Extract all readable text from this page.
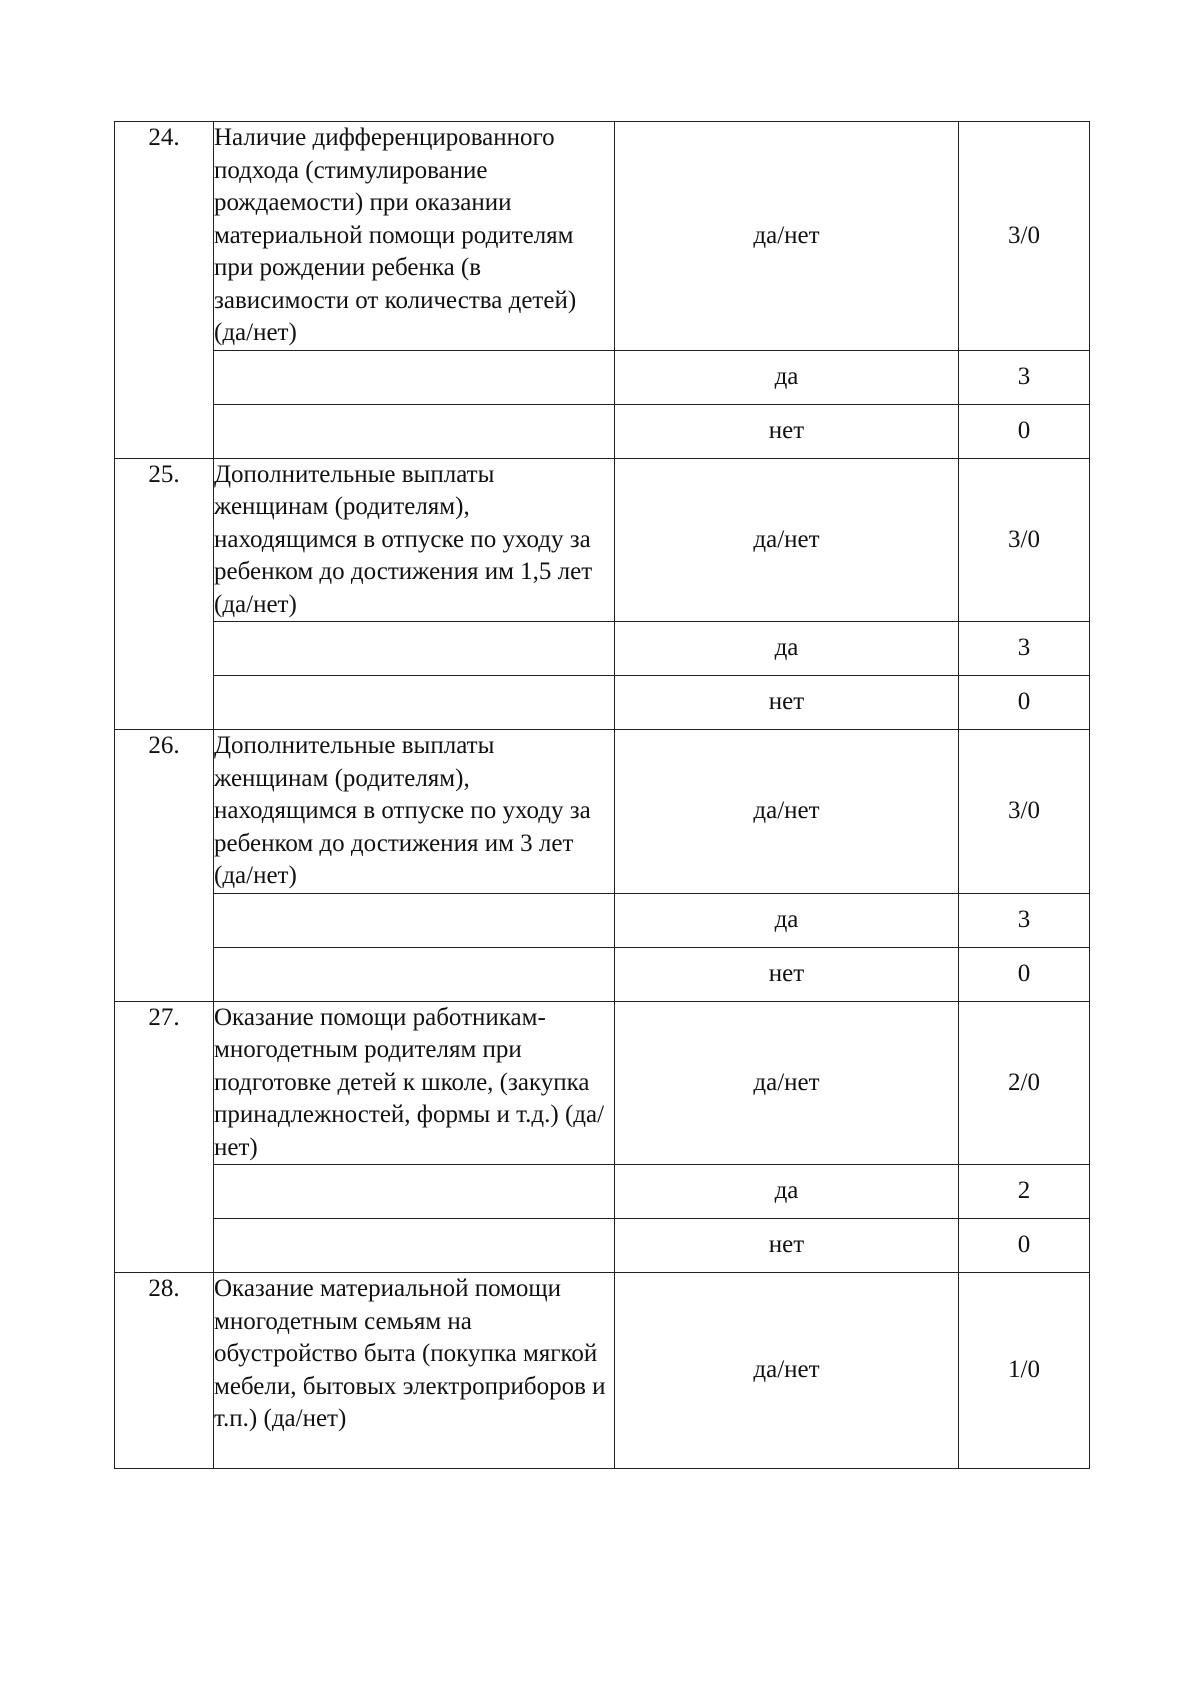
24.	Наличие дифференцированного подхода (стимулирование рождаемости) при оказании материальной помощи родителям при рождении ребенка (в зависимости от количества детей) (да/нет)	да/нет	3/0
		да	3
		нет	0
25.	Дополнительные выплаты женщинам (родителям), находящимся в отпуске по уходу за ребенком до достижения им 1,5 лет (да/нет)	да/нет	3/0
		да	3
		нет	0
26.	Дополнительные выплаты женщинам (родителям), находящимся в отпуске по уходу за ребенком до достижения им 3 лет (да/нет)	да/нет	3/0
		да	3
		нет	0
27.	Оказание помощи работникам-многодетным родителям при подготовке детей к школе, (закупка принадлежностей, формы и т.д.) (да/нет)	да/нет	2/0
		да	2
		нет	0
28.	Оказание материальной помощи многодетным семьям на обустройство быта (покупка мягкой мебели, бытовых электроприборов и т.п.) (да/нет)	да/нет	1/0
